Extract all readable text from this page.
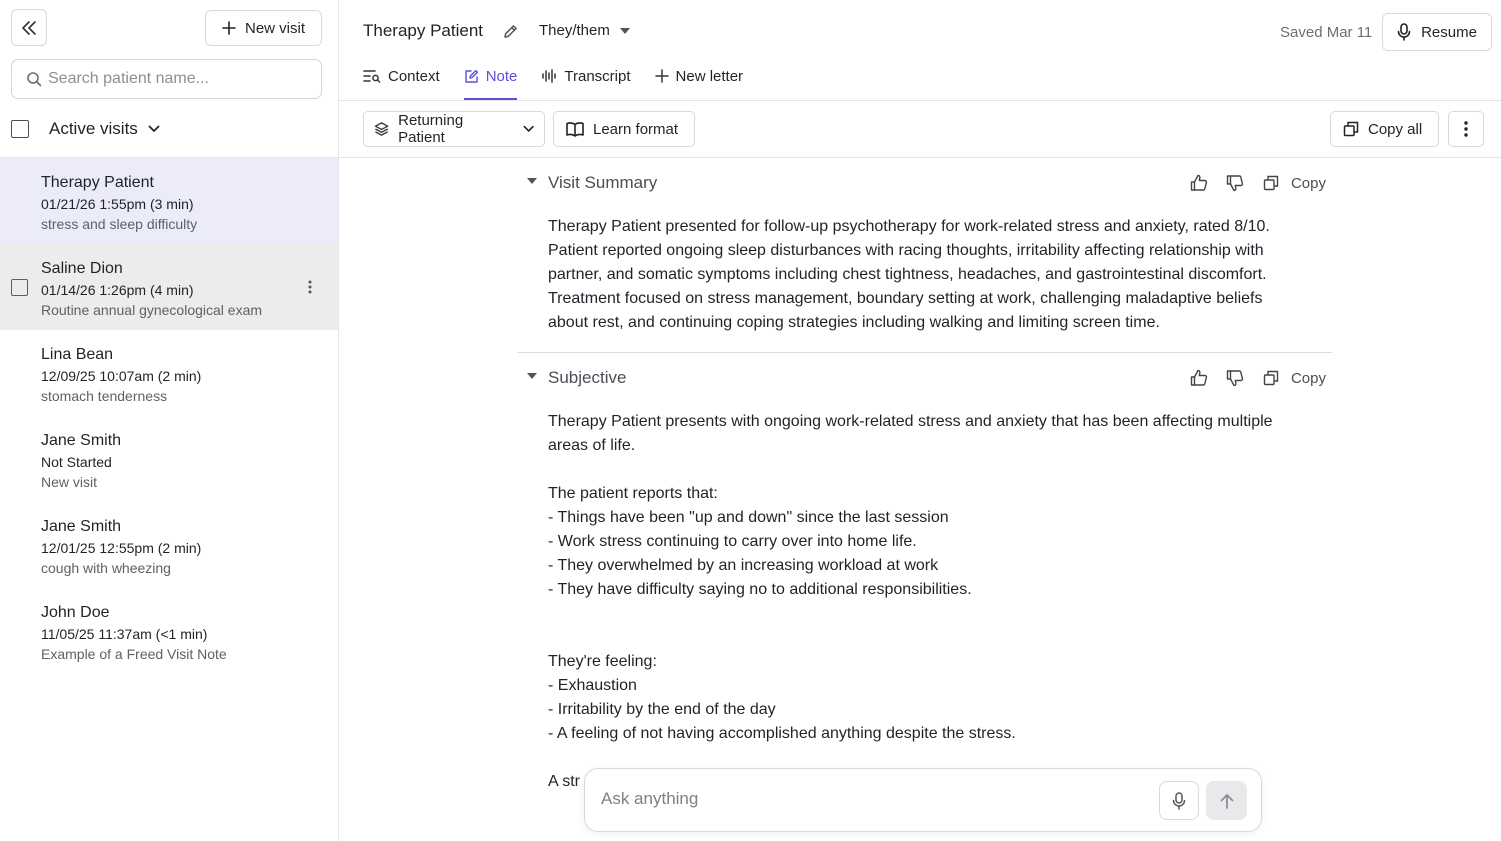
New visit
Search patient name...
Active visits
Therapy Patient
01/21/26 1:55pm (3 min)
stress and sleep difficulty
Saline Dion
01/14/26 1:26pm (4 min)
Routine annual gynecological exam
Lina Bean
12/09/25 10:07am (2 min)
stomach tenderness
Jane Smith
Not Started
New visit
Jane Smith
12/01/25 12:55pm (2 min)
cough with wheezing
John Doe
11/05/25 11:37am (<1 min)
Example of a Freed Visit Note
Therapy Patient	They/them	Saved Mar 11	Resume
Context	Note	Transcript	New letter
Returning Patient	Learn format	Copy all
Visit Summary	Copy
Therapy Patient presented for follow-up psychotherapy for work-related stress and anxiety, rated 8/10. Patient reported ongoing sleep disturbances with racing thoughts, irritability affecting relationship with partner, and somatic symptoms including chest tightness, headaches, and gastrointestinal discomfort. Treatment focused on stress management, boundary setting at work, challenging maladaptive beliefs about rest, and continuing coping strategies including walking and limiting screen time.
Subjective	Copy
Therapy Patient presents with ongoing work-related stress and anxiety that has been affecting multiple areas of life.

The patient reports that:
- Things have been "up and down" since the last session
- Work stress continuing to carry over into home life.
- They overwhelmed by an increasing workload at work
- They have difficulty saying no to additional responsibilities.

They're feeling:
- Exhaustion
- Irritability by the end of the day
- A feeling of not having accomplished anything despite the stress.

A str
Ask anything
